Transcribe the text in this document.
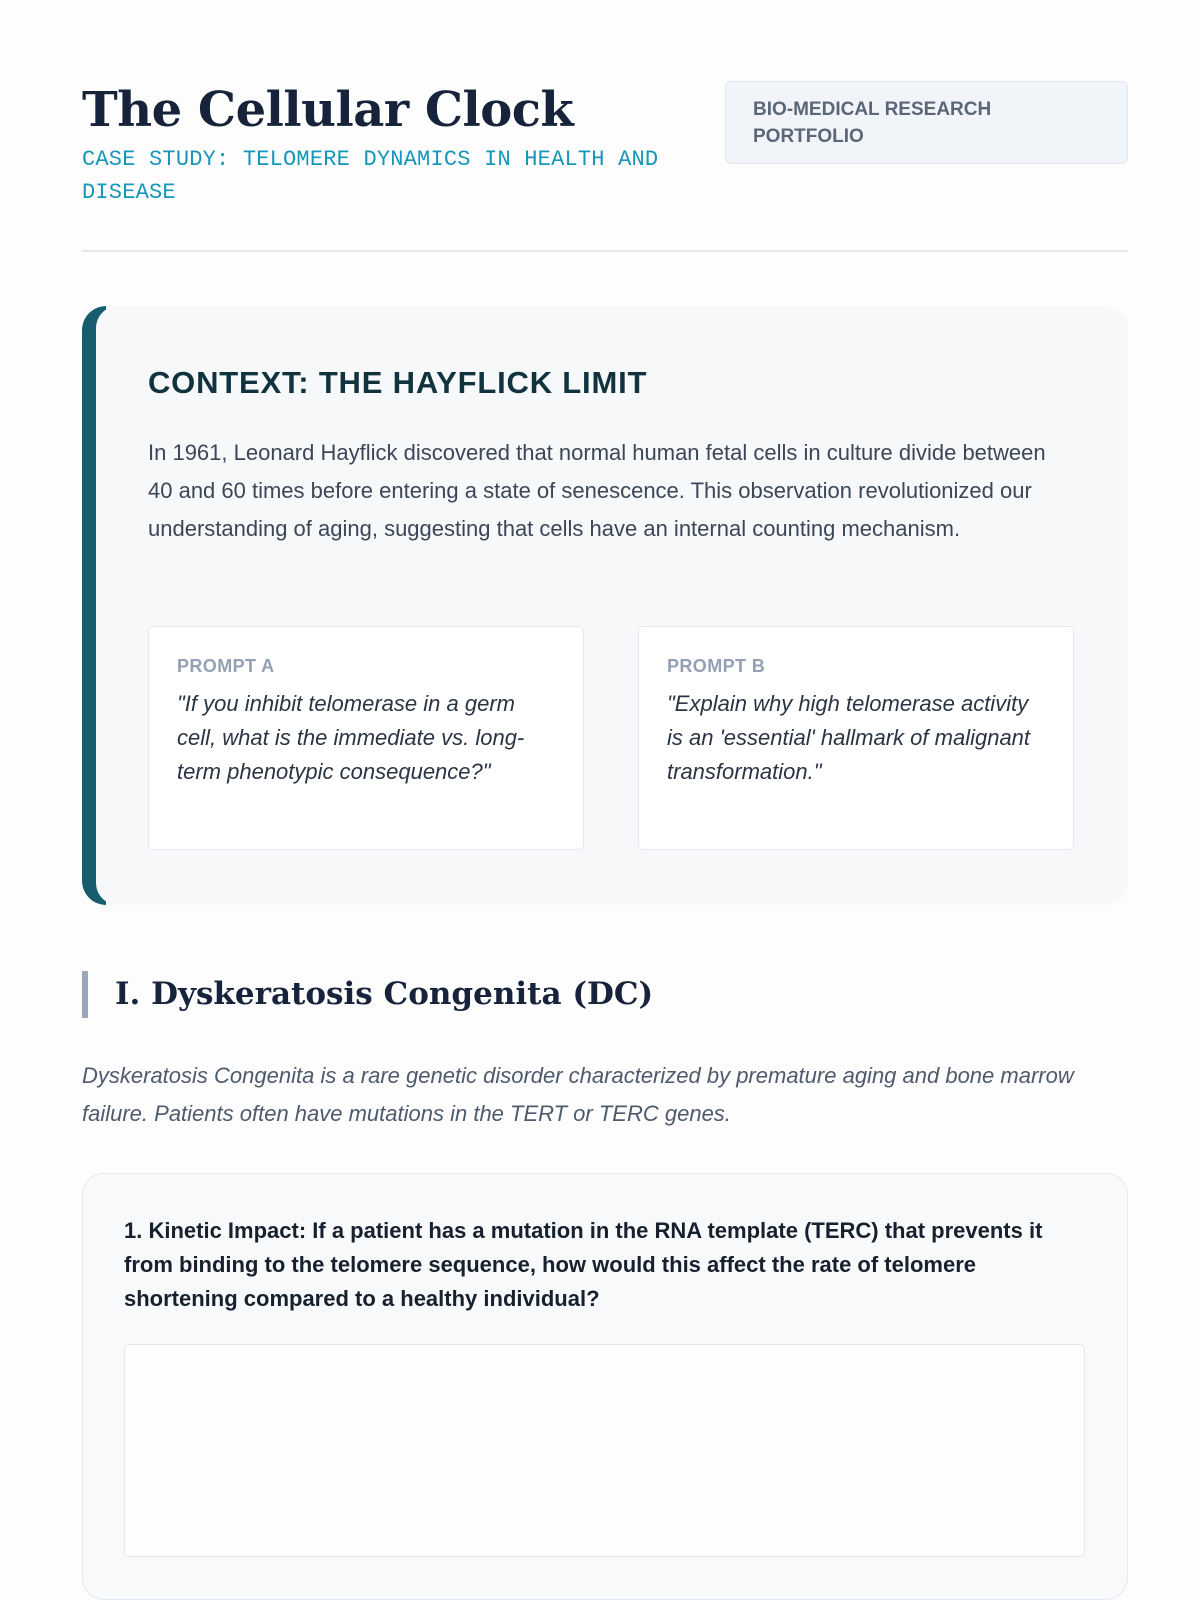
The Cellular Clock
CASE STUDY: TELOMERE DYNAMICS IN HEALTH AND DISEASE
BIO-MEDICAL RESEARCH PORTFOLIO
CONTEXT: THE HAYFLICK LIMIT

In 1961, Leonard Hayflick discovered that normal human fetal cells in culture divide between 40 and 60 times before entering a state of senescence. This observation revolutionized our understanding of aging, suggesting that cells have an internal counting mechanism.

PROMPT A
"If you inhibit telomerase in a germ cell, what is the immediate vs. long-term phenotypic consequence?"
PROMPT B
"Explain why high telomerase activity is an 'essential' hallmark of malignant transformation."
I. Dyskeratosis Congenita (DC)

Dyskeratosis Congenita is a rare genetic disorder characterized by premature aging and bone marrow failure. Patients often have mutations in the TERT or TERC genes.

1. Kinetic Impact: If a patient has a mutation in the RNA template (TERC) that prevents it from binding to the telomere sequence, how would this affect the rate of telomere shortening compared to a healthy individual?
